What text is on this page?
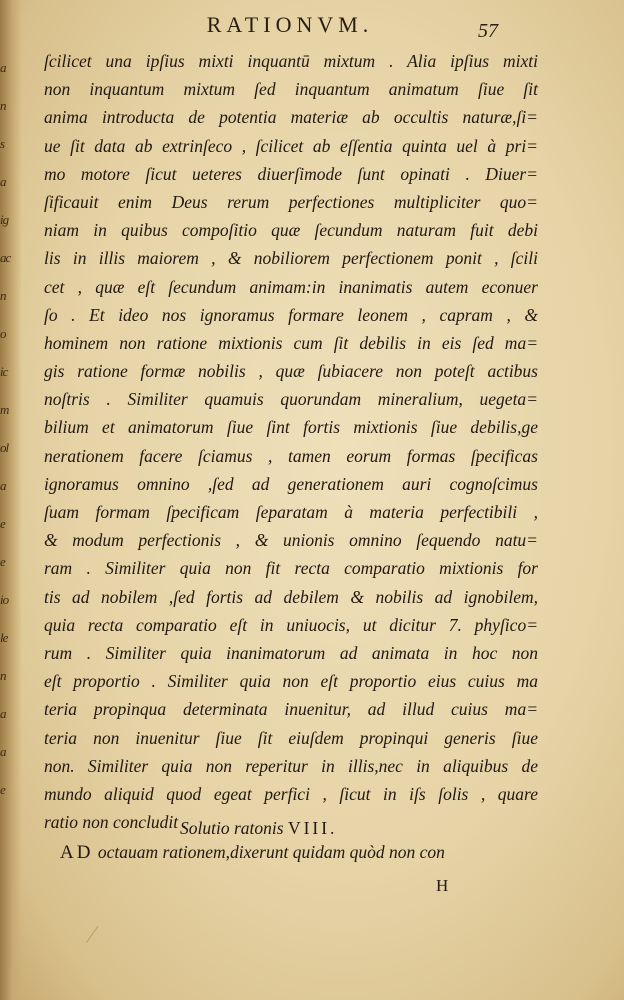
a
n
s
a
ig
ac
n
o
ic
m
ol
a
e
e
io
le
n
a
a
e
RATIONVM.	57
ſcilicet una ipſius mixti inquantū mixtum . Alia ipſius mixti
non inquantum mixtum ſed inquantum animatum ſiue ſit
anima introducta de potentia materiæ ab occultis naturæ,ſi=
ue ſit data ab extrinſeco , ſcilicet ab eſſentia quinta uel à pri=
mo motore ſicut ueteres diuerſimode ſunt opinati . Diuer=
ſificauit enim Deus rerum perfectiones multipliciter quo=
niam in quibus compoſitio quæ ſecundum naturam fuit debi
lis in illis maiorem , & nobiliorem perfectionem ponit , ſcili
cet , quæ eſt ſecundum animam:in inanimatis autem econuer
ſo . Et ideo nos ignoramus formare leonem , capram , &
hominem non ratione mixtionis cum ſit debilis in eis ſed ma=
gis ratione formæ nobilis , quæ ſubiacere non poteſt actibus
noſtris . Similiter quamuis quorundam mineralium, uegeta=
bilium et animatorum ſiue ſint fortis mixtionis ſiue debilis,ge
nerationem facere ſciamus , tamen eorum formas ſpecificas
ignoramus omnino ,ſed ad generationem auri cognoſcimus
ſuam formam ſpecificam ſeparatam à materia perfectibili ,
& modum perfectionis , & unionis omnino ſequendo natu=
ram . Similiter quia non fit recta comparatio mixtionis for
tis ad nobilem ,ſed fortis ad debilem & nobilis ad ignobilem,
quia recta comparatio eſt in uniuocis, ut dicitur 7. phyſico=
rum . Similiter quia inanimatorum ad animata in hoc non
eſt proportio . Similiter quia non eſt proportio eius cuius ma
teria propinqua determinata inuenitur, ad illud cuius ma=
teria non inuenitur ſiue ſit eiuſdem propinqui generis ſiue
non. Similiter quia non reperitur in illis,nec in aliquibus de
mundo aliquid quod egeat perfici , ſicut in iſs ſolis , quare
ratio non concludit .
Solutio ratonis VIII.
AD octauam rationem,dixerunt quidam quòd non con
H
